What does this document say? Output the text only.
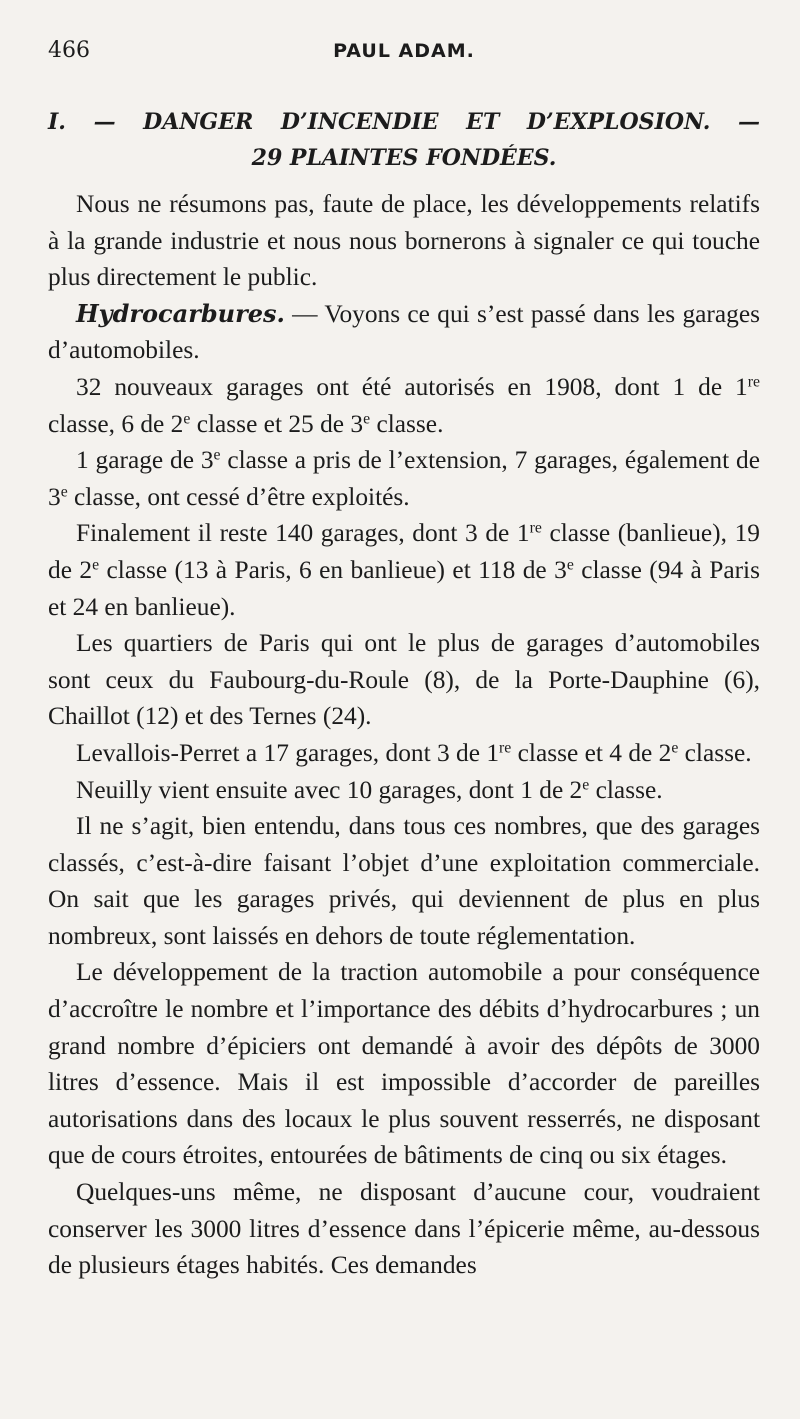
466	PAUL ADAM.
I. — DANGER D’INCENDIE ET D’EXPLOSION. —
29 PLAINTES FONDÉES.

Nous ne résumons pas, faute de place, les développements relatifs à la grande industrie et nous nous bornerons à signaler ce qui touche plus directement le public.

Hydrocarbures. — Voyons ce qui s’est passé dans les garages d’automobiles.

32 nouveaux garages ont été autorisés en 1908, dont 1 de 1re classe, 6 de 2e classe et 25 de 3e classe.

1 garage de 3e classe a pris de l’extension, 7 garages, également de 3e classe, ont cessé d’être exploités.

Finalement il reste 140 garages, dont 3 de 1re classe (banlieue), 19 de 2e classe (13 à Paris, 6 en banlieue) et 118 de 3e classe (94 à Paris et 24 en banlieue).

Les quartiers de Paris qui ont le plus de garages d’automobiles sont ceux du Faubourg-du-Roule (8), de la Porte-Dauphine (6), Chaillot (12) et des Ternes (24).

Levallois-Perret a 17 garages, dont 3 de 1re classe et 4 de 2e classe.

Neuilly vient ensuite avec 10 garages, dont 1 de 2e classe.

Il ne s’agit, bien entendu, dans tous ces nombres, que des garages classés, c’est-à-dire faisant l’objet d’une exploitation commerciale. On sait que les garages privés, qui deviennent de plus en plus nombreux, sont laissés en dehors de toute réglementation.

Le développement de la traction automobile a pour conséquence d’accroître le nombre et l’importance des débits d’hydrocarbures ; un grand nombre d’épiciers ont demandé à avoir des dépôts de 3000 litres d’essence. Mais il est impossible d’accorder de pareilles autorisations dans des locaux le plus souvent resserrés, ne disposant que de cours étroites, entourées de bâtiments de cinq ou six étages.

Quelques-uns même, ne disposant d’aucune cour, voudraient conserver les 3000 litres d’essence dans l’épicerie même, au-dessous de plusieurs étages habités. Ces demandes
